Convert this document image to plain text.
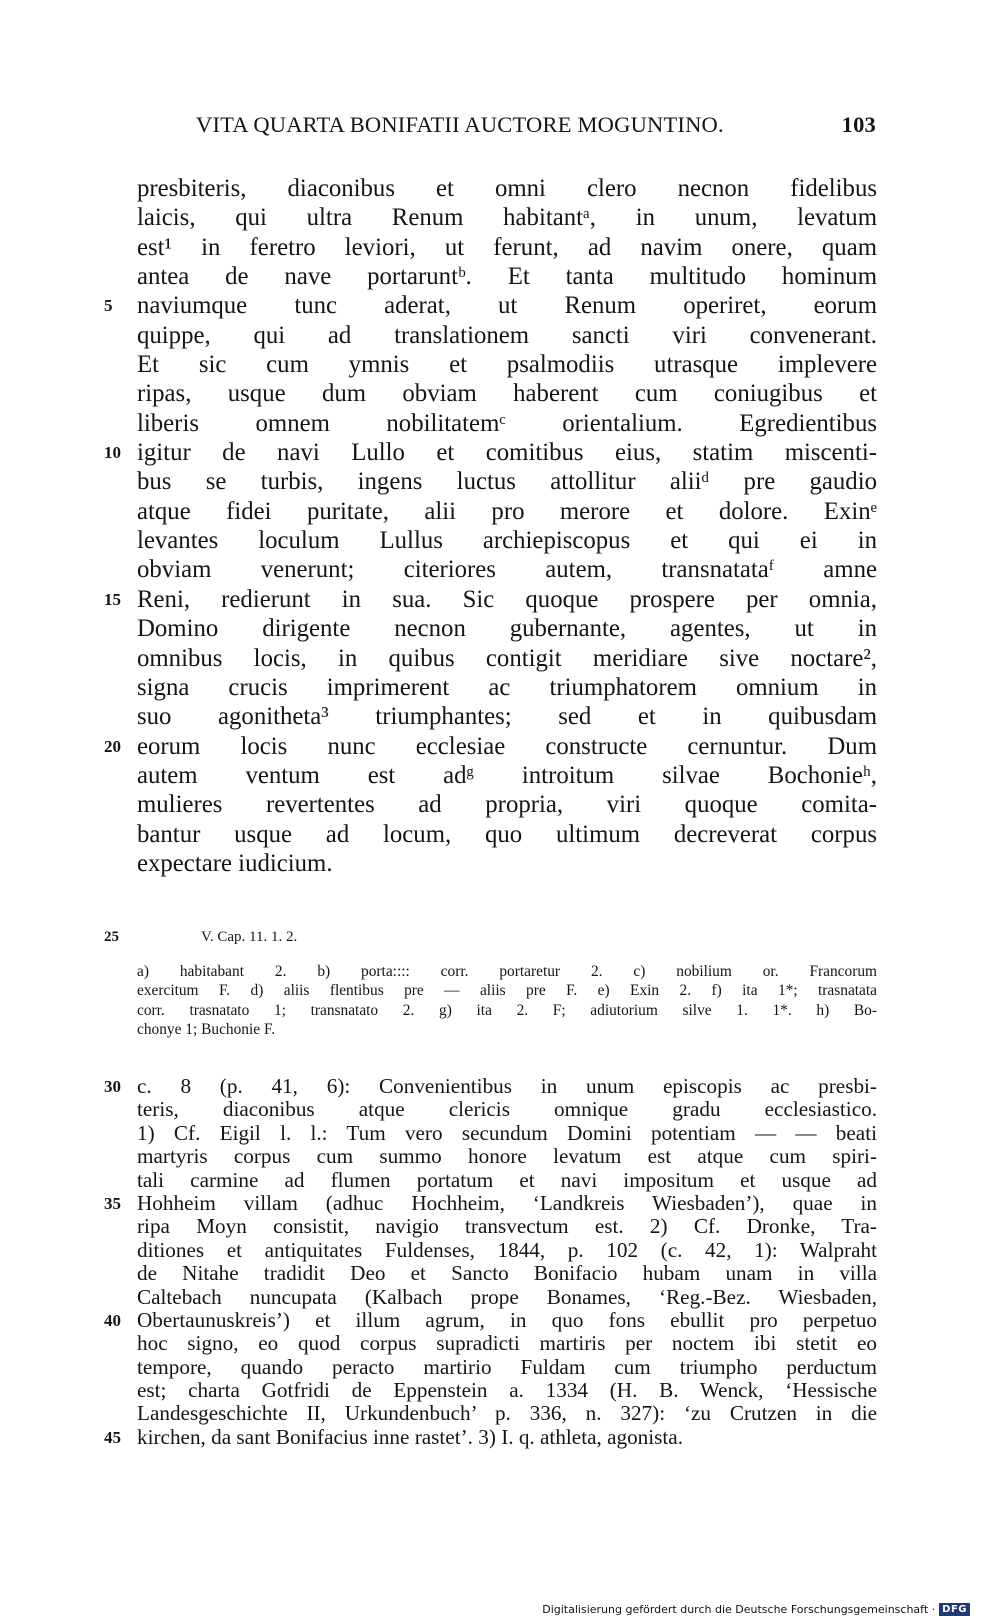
VITA QUARTA BONIFATII AUCTORE MOGUNTINO.	103
presbiteris, diaconibus et omni clero necnon fidelibus
laicis, qui ultra Renum habitantᵃ, in unum, levatum
est¹ in feretro leviori, ut ferunt, ad navim onere, quam
antea de nave portaruntᵇ. Et tanta multitudo hominum
5 naviumque tunc aderat, ut Renum operiret, eorum
quippe, qui ad translationem sancti viri convenerant.
Et sic cum ymnis et psalmodiis utrasque implevere
ripas, usque dum obviam haberent cum coniugibus et
liberis omnem nobilitatemᶜ orientalium. Egredientibus
10 igitur de navi Lullo et comitibus eius, statim miscenti-
bus se turbis, ingens luctus attollitur aliiᵈ pre gaudio
atque fidei puritate, alii pro merore et dolore. Exinᵉ
levantes loculum Lullus archiepiscopus et qui ei in
obviam venerunt; citeriores autem, transnatataᶠ amne
15 Reni, redierunt in sua. Sic quoque prospere per omnia,
Domino dirigente necnon gubernante, agentes, ut in
omnibus locis, in quibus contigit meridiare sive noctare²,
signa crucis imprimerent ac triumphatorem omnium in
suo agonitheta³ triumphantes; sed et in quibusdam
20 eorum locis nunc ecclesiae constructe cernuntur. Dum
autem ventum est adᵍ introitum silvae Bochonieʰ,
mulieres revertentes ad propria, viri quoque comita-
bantur usque ad locum, quo ultimum decreverat corpus
expectare iudicium.
25	V. Cap. 11. 1. 2.
a) habitabant 2. b) porta:::: corr. portaretur 2. c) nobilium or. Francorum
exercitum F. d) aliis flentibus pre — aliis pre F. e) Exin 2. f) ita 1*; trasnatata
corr. trasnatato 1; transnatato 2. g) ita 2. F; adiutorium silve 1. 1*. h) Bo-
chonye 1; Buchonie F.
30 c. 8 (p. 41, 6): Convenientibus in unum episcopis ac presbi-
teris, diaconibus atque clericis omnique gradu ecclesiastico.
1) Cf. Eigil l. l.: Tum vero secundum Domini potentiam — — beati
martyris corpus cum summo honore levatum est atque cum spiri-
tali carmine ad flumen portatum et navi impositum et usque ad
35 Hohheim villam (adhuc Hochheim, ‘Landkreis Wiesbaden’), quae in
ripa Moyn consistit, navigio transvectum est. 2) Cf. Dronke, Tra-
ditiones et antiquitates Fuldenses, 1844, p. 102 (c. 42, 1): Walpraht
de Nitahe tradidit Deo et Sancto Bonifacio hubam unam in villa
Caltebach nuncupata (Kalbach prope Bonames, ‘Reg.-Bez. Wiesbaden,
40 Obertaunuskreis’) et illum agrum, in quo fons ebullit pro perpetuo
hoc signo, eo quod corpus supradicti martiris per noctem ibi stetit eo
tempore, quando peracto martirio Fuldam cum triumpho perductum
est; charta Gotfridi de Eppenstein a. 1334 (H. B. Wenck, ‘Hessische
Landesgeschichte II, Urkundenbuch’ p. 336, n. 327): ‘zu Crutzen in die
45 kirchen, da sant Bonifacius inne rastet’. 3) I. q. athleta, agonista.
Digitalisierung gefördert durch die Deutsche Forschungsgemeinschaft · DFG
